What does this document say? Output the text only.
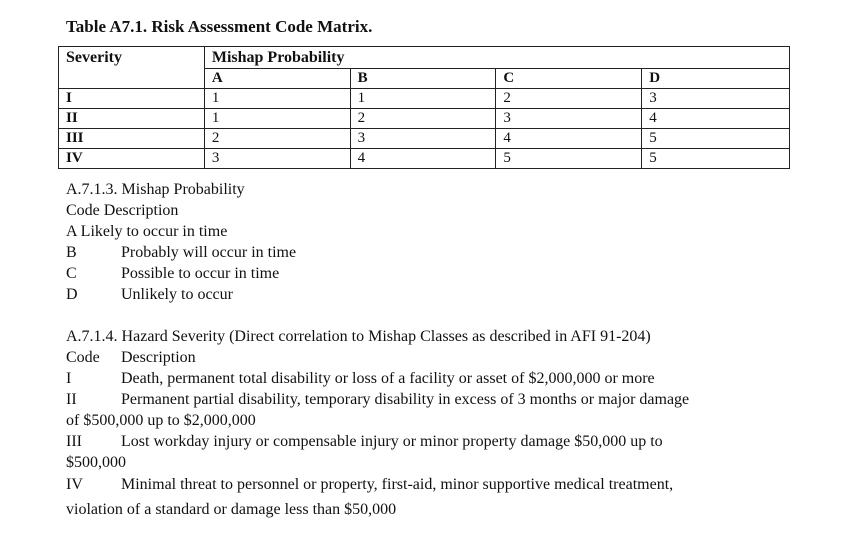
Table A7.1. Risk Assessment Code Matrix.
Severity	Mishap Probability			
	A	B	C	D
I	1	1	2	3
II	1	2	3	4
III	2	3	4	5
IV	3	4	5	5
A.7.1.3. Mishap Probability
Code Description
A Likely to occur in time
B	Probably will occur in time
C	Possible to occur in time
D	Unlikely to occur
A.7.1.4. Hazard Severity (Direct correlation to Mishap Classes as described in AFI 91-204)
Code Description
I	Death, permanent total disability or loss of a facility or asset of $2,000,000 or more
II	Permanent partial disability, temporary disability in excess of 3 months or major damage
of $500,000 up to $2,000,000
III Lost workday injury or compensable injury or minor property damage $50,000 up to
$500,000
IV Minimal threat to personnel or property, first-aid, minor supportive medical treatment,
violation of a standard or damage less than $50,000
